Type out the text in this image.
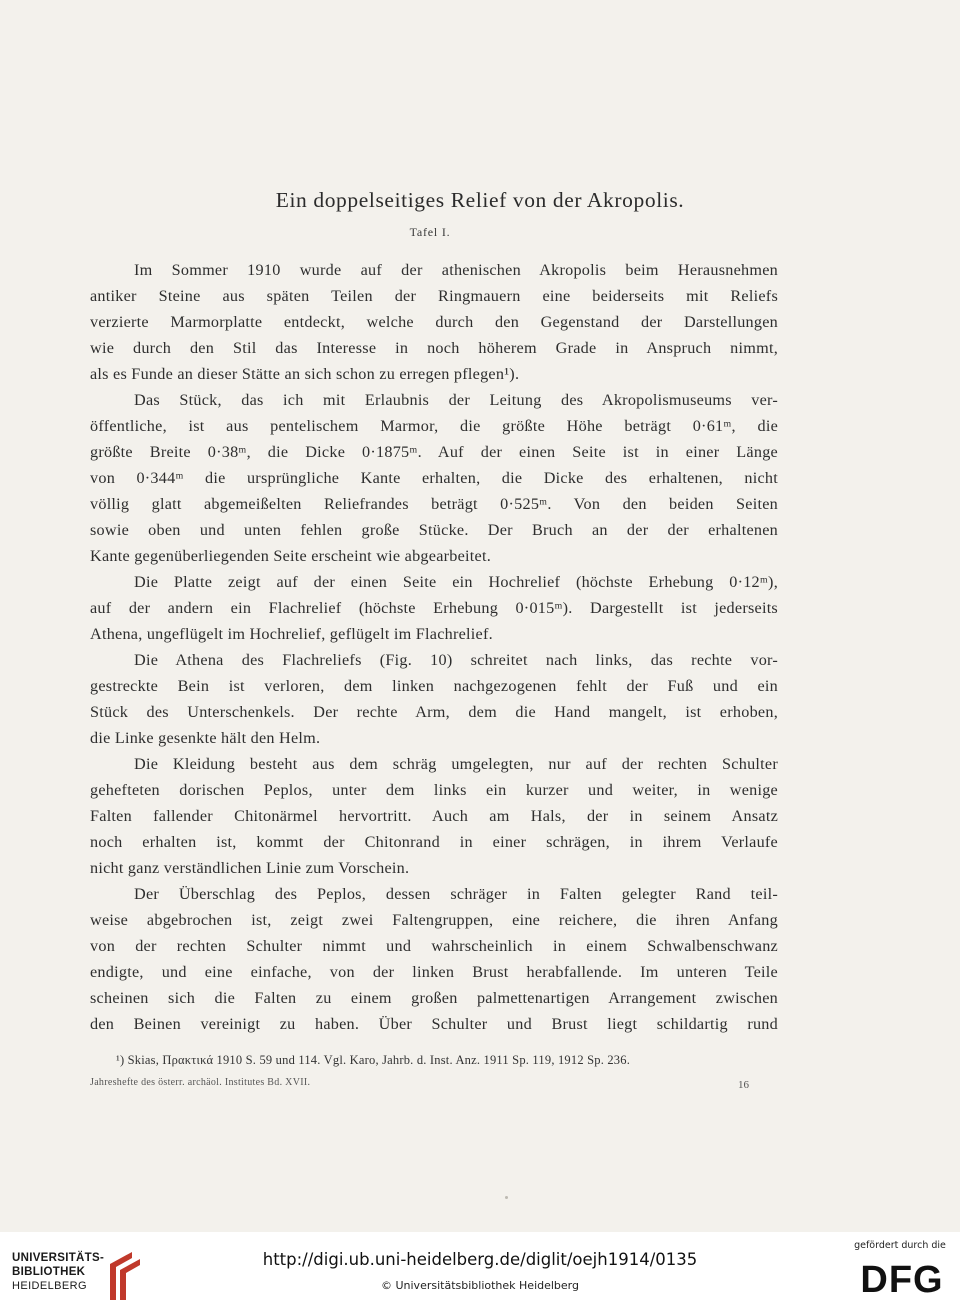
Ein doppelseitiges Relief von der Akropolis.
Tafel I.
Im Sommer 1910 wurde auf der athenischen Akropolis beim Herausnehmen
antiker Steine aus späten Teilen der Ringmauern eine beiderseits mit Reliefs
verzierte Marmorplatte entdeckt, welche durch den Gegenstand der Darstellungen
wie durch den Stil das Interesse in noch höherem Grade in Anspruch nimmt,
als es Funde an dieser Stätte an sich schon zu erregen pflegen¹).
Das Stück, das ich mit Erlaubnis der Leitung des Akropolismuseums ver-
öffentliche, ist aus pentelischem Marmor, die größte Höhe beträgt 0·61ᵐ, die
größte Breite 0·38ᵐ, die Dicke 0·1875ᵐ. Auf der einen Seite ist in einer Länge
von 0·344ᵐ die ursprüngliche Kante erhalten, die Dicke des erhaltenen, nicht
völlig glatt abgemeißelten Reliefrandes beträgt 0·525ᵐ. Von den beiden Seiten
sowie oben und unten fehlen große Stücke. Der Bruch an der der erhaltenen
Kante gegenüberliegenden Seite erscheint wie abgearbeitet.
Die Platte zeigt auf der einen Seite ein Hochrelief (höchste Erhebung 0·12ᵐ),
auf der andern ein Flachrelief (höchste Erhebung 0·015ᵐ). Dargestellt ist jederseits
Athena, ungeflügelt im Hochrelief, geflügelt im Flachrelief.
Die Athena des Flachreliefs (Fig. 10) schreitet nach links, das rechte vor-
gestreckte Bein ist verloren, dem linken nachgezogenen fehlt der Fuß und ein
Stück des Unterschenkels. Der rechte Arm, dem die Hand mangelt, ist erhoben,
die Linke gesenkte hält den Helm.
Die Kleidung besteht aus dem schräg umgelegten, nur auf der rechten Schulter
gehefteten dorischen Peplos, unter dem links ein kurzer und weiter, in wenige
Falten fallender Chitonärmel hervortritt. Auch am Hals, der in seinem Ansatz
noch erhalten ist, kommt der Chitonrand in einer schrägen, in ihrem Verlaufe
nicht ganz verständlichen Linie zum Vorschein.
Der Überschlag des Peplos, dessen schräger in Falten gelegter Rand teil-
weise abgebrochen ist, zeigt zwei Faltengruppen, eine reichere, die ihren Anfang
von der rechten Schulter nimmt und wahrscheinlich in einem Schwalbenschwanz
endigte, und eine einfache, von der linken Brust herabfallende. Im unteren Teile
scheinen sich die Falten zu einem großen palmettenartigen Arrangement zwischen
den Beinen vereinigt zu haben. Über Schulter und Brust liegt schildartig rund
¹) Skias, Πρακτικά 1910 S. 59 und 114. Vgl. Karo, Jahrb. d. Inst. Anz. 1911 Sp. 119, 1912 Sp. 236.
Jahreshefte des österr. archäol. Institutes Bd. XVII.	16
UNIVERSITÄTS-
BIBLIOTHEK
HEIDELBERG
http://digi.ub.uni-heidelberg.de/diglit/oejh1914/0135
© Universitätsbibliothek Heidelberg
gefördert durch die
DFG
